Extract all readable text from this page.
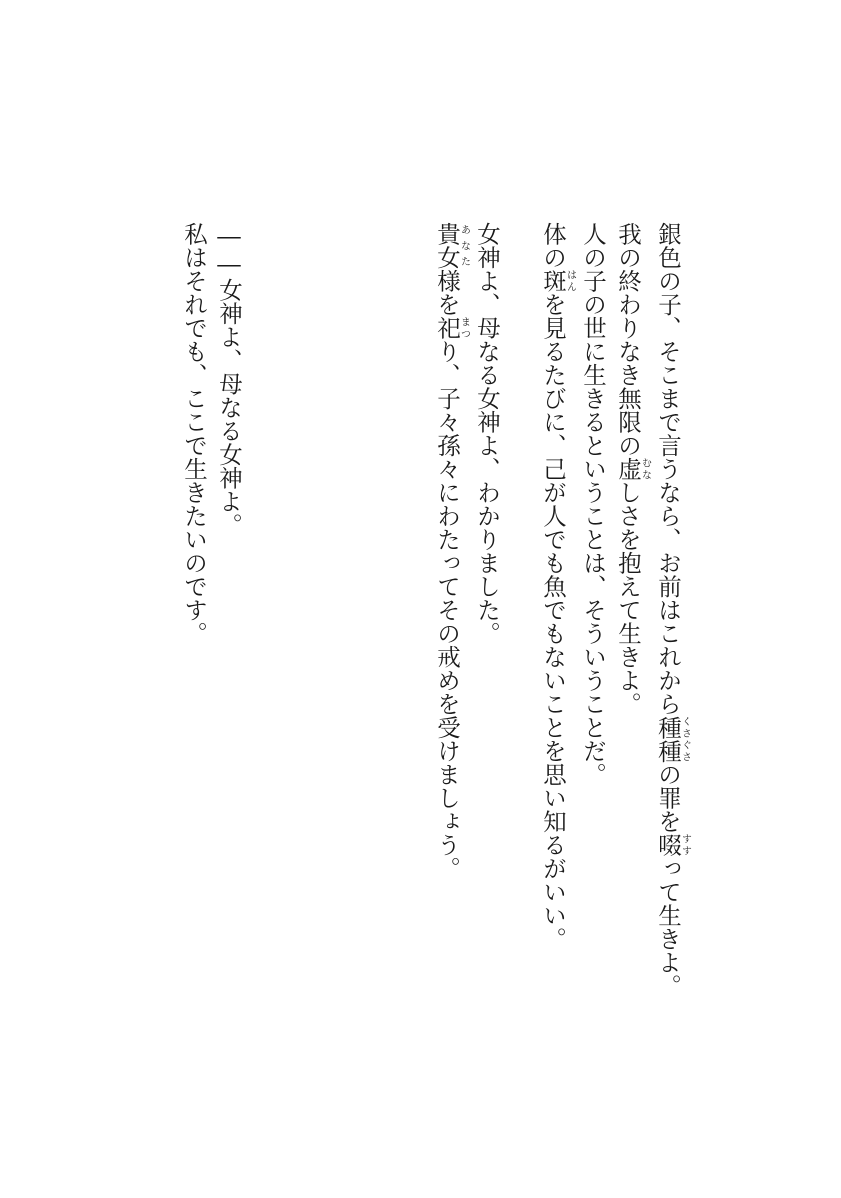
銀色の子、そこまで言うなら、お前はこれから種種くさぐさの罪を啜すすって生きよ。
我の終わりなき無限の虚むなしさを抱えて生きよ。
人の子の世に生きるということは、そういうことだ。
体の斑はんを見るたびに、己が人でも魚でもないことを思い知るがいい。
女神よ、母なる女神よ、わかりました。
貴女あなた様を祀まつり、子々孫々にわたってその戒めを受けましょう。
――女神よ、母なる女神よ。
私はそれでも、ここで生きたいのです。
